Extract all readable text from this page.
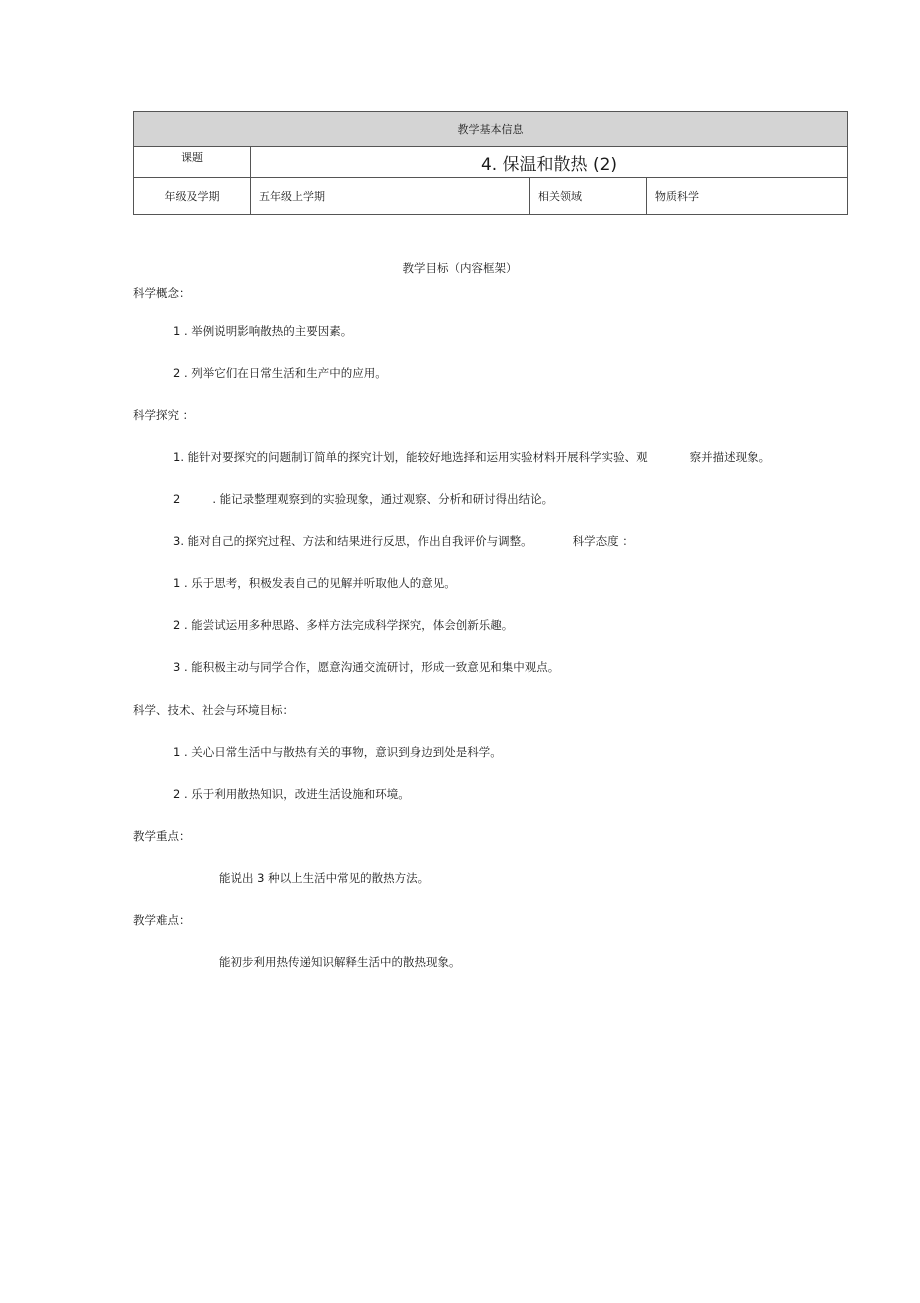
教学基本信息			
课题	4. 保温和散热 (2)		
年级及学期	五年级上学期	相关领域	物质科学
教学目标（内容框架）
科学概念：
1 . 举例说明影响散热的主要因素。
2 . 列举它们在日常生活和生产中的应用。
科学探究 ：
1. 能针对要探究的问题制订简单的探究计划，能较好地选择和运用实验材料开展科学实验、观	察并描述现象。
2	. 能记录整理观察到的实验现象，通过观察、分析和研讨得出结论。
3. 能对自己的探究过程、方法和结果进行反思，作出自我评价与调整。	科学态度 ：
1 . 乐于思考，积极发表自己的见解并听取他人的意见。
2 . 能尝试运用多种思路、多样方法完成科学探究，体会创新乐趣。
3 . 能积极主动与同学合作，愿意沟通交流研讨，形成一致意见和集中观点。
科学、技术、社会与环境目标：
1 . 关心日常生活中与散热有关的事物，意识到身边到处是科学。
2 . 乐于利用散热知识，改进生活设施和环境。
教学重点：
能说出 3 种以上生活中常见的散热方法。
教学难点：
能初步利用热传递知识解释生活中的散热现象。
